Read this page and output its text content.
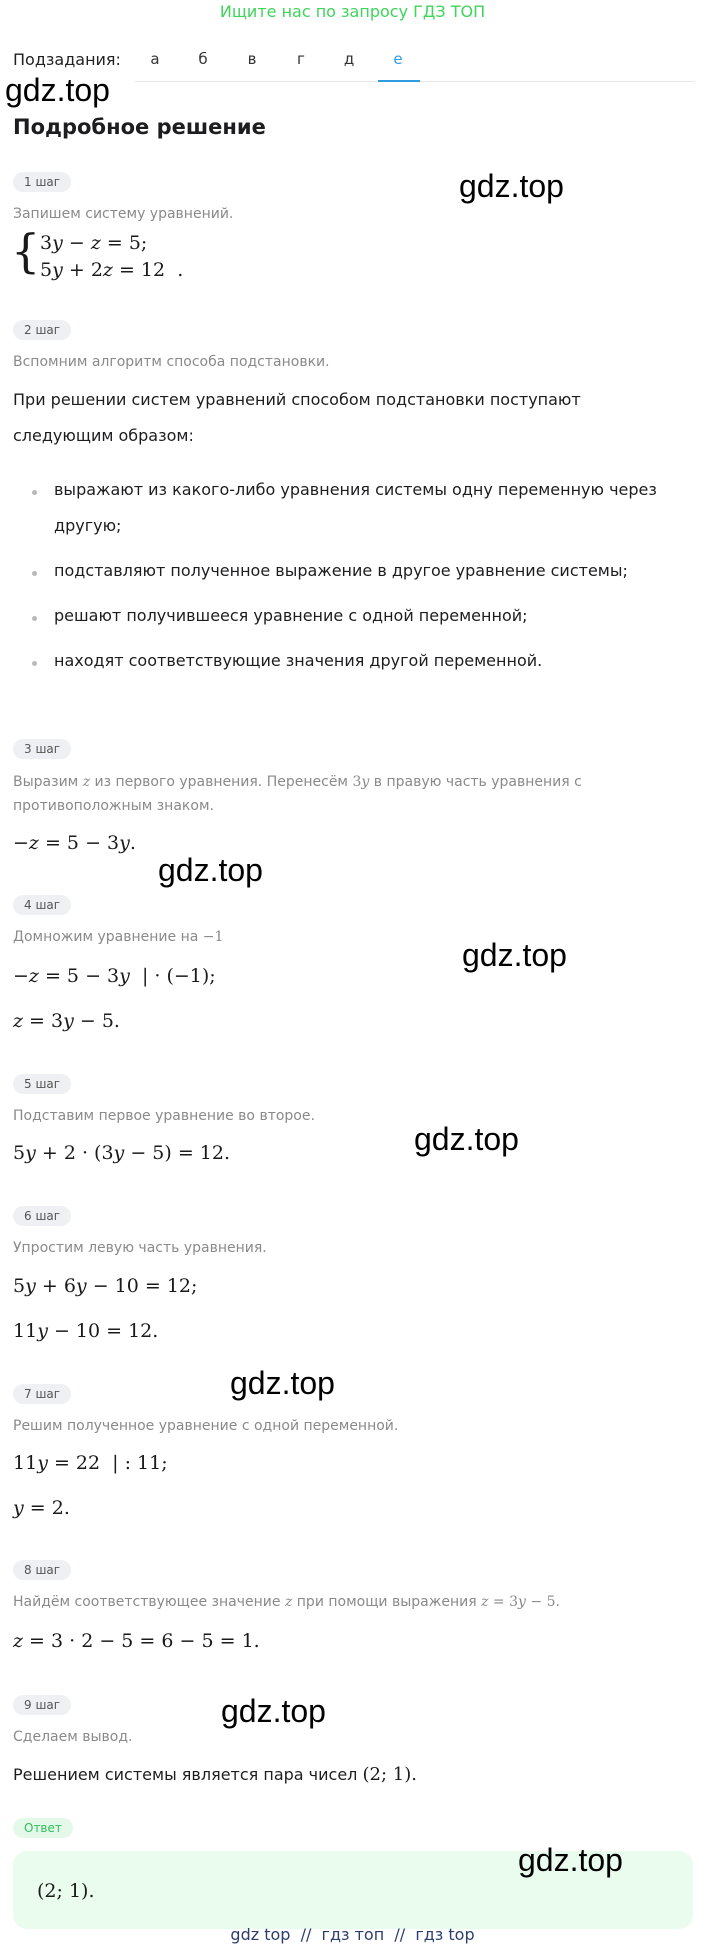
Ищите нас по запросу ГДЗ ТОП
Подзадания:	а	б	в	г	д	е
gdz.top
Подробное решение
1 шаг	gdz.top
Запишем систему уравнений.
{ 3y − z = 5;
5y + 2z = 12  .
2 шаг
Вспомним алгоритм способа подстановки.
При решении систем уравнений способом подстановки поступают
следующим образом:
выражают из какого-либо уравнения системы одну переменную через
другую;
подставляют полученное выражение в другое уравнение системы;
решают получившееся уравнение с одной переменной;
находят соответствующие значения другой переменной.
3 шаг
Выразим z из первого уравнения. Перенесём 3y в правую часть уравнения с
противоположным знаком.
−z = 5 − 3y.
gdz.top
4 шаг
Домножим уравнение на −1	gdz.top
−z = 5 − 3y  | · (−1);
z = 3y − 5.
5 шаг
Подставим первое уравнение во второе.
gdz.top
5y + 2 · (3y − 5) = 12.
6 шаг
Упростим левую часть уравнения.
5y + 6y − 10 = 12;
11y − 10 = 12.
gdz.top
7 шаг
Решим полученное уравнение с одной переменной.
11y = 22  | : 11;
y = 2.
8 шаг
Найдём соответствующее значение z при помощи выражения z = 3y − 5.
z = 3 · 2 − 5 = 6 − 5 = 1.
9 шаг	gdz.top
Сделаем вывод.
Решением системы является пара чисел (2; 1).
Ответ
gdz.top
(2; 1).
gdz top // гдз топ // гдз top
